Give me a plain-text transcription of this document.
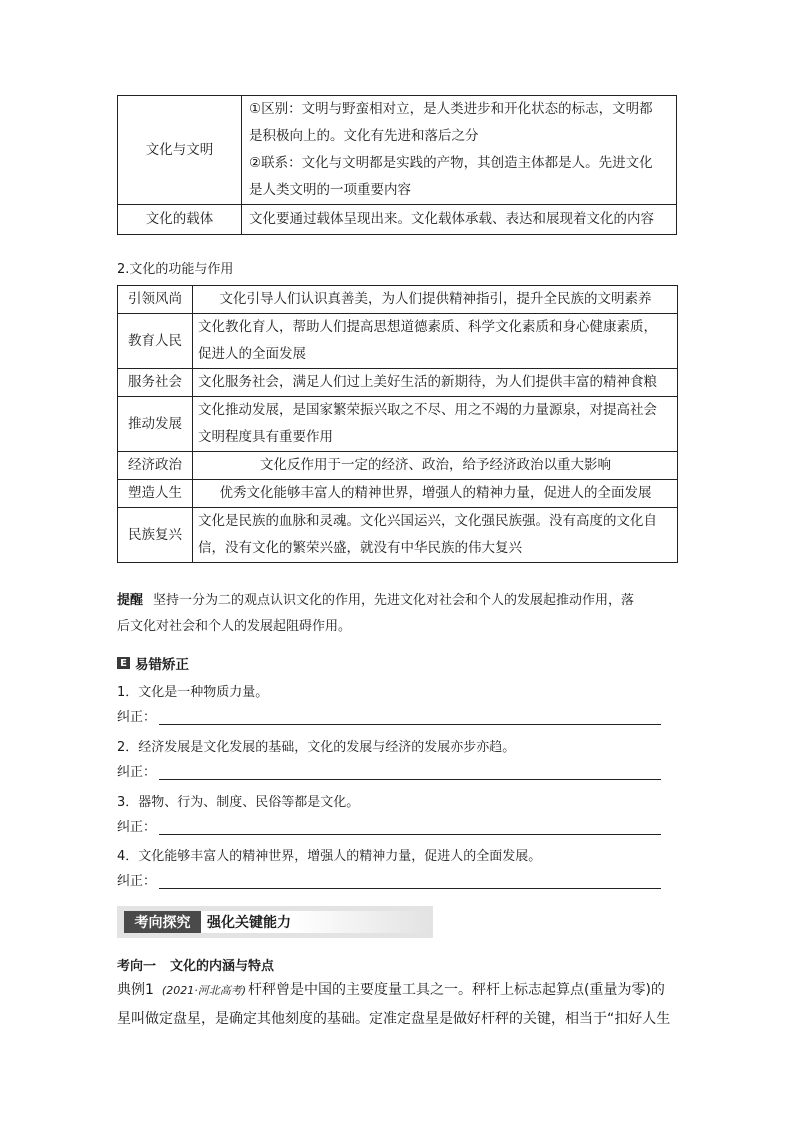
文化与文明	①区别：文明与野蛮相对立，是人类进步和开化状态的标志，文明都
是积极向上的。文化有先进和落后之分
②联系：文化与文明都是实践的产物，其创造主体都是人。先进文化
是人类文明的一项重要内容

文化的载体	文化要通过载体呈现出来。文化载体承载、表达和展现着文化的内容
2.文化的功能与作用
引领风尚	文化引导人们认识真善美，为人们提供精神指引，提升全民族的文明素养

教育人民	文化教化育人，帮助人们提高思想道德素质、科学文化素质和身心健康素质，
促进人的全面发展

服务社会	文化服务社会，满足人们过上美好生活的新期待，为人们提供丰富的精神食粮

推动发展	文化推动发展，是国家繁荣振兴取之不尽、用之不竭的力量源泉，对提高社会
文明程度具有重要作用

经济政治	文化反作用于一定的经济、政治，给予经济政治以重大影响

塑造人生	优秀文化能够丰富人的精神世界，增强人的精神力量，促进人的全面发展

民族复兴	文化是民族的血脉和灵魂。文化兴国运兴，文化强民族强。没有高度的文化自
信，没有文化的繁荣兴盛，就没有中华民族的伟大复兴
提醒 坚持一分为二的观点认识文化的作用，先进文化对社会和个人的发展起推动作用，落
后文化对社会和个人的发展起阻碍作用。
E 易错矫正
1．文化是一种物质力量。
纠正：
2．经济发展是文化发展的基础，文化的发展与经济的发展亦步亦趋。
纠正：
3．器物、行为、制度、民俗等都是文化。
纠正：
4．文化能够丰富人的精神世界，增强人的精神力量，促进人的全面发展。
纠正：
考向探究	强化关键能力
考向一 文化的内涵与特点
典例1 (2021·河北高考) 杆秤曾是中国的主要度量工具之一。秤杆上标志起算点(重量为零)的
星叫做定盘星，是确定其他刻度的基础。定准定盘星是做好杆秤的关键，相当于“扣好人生
